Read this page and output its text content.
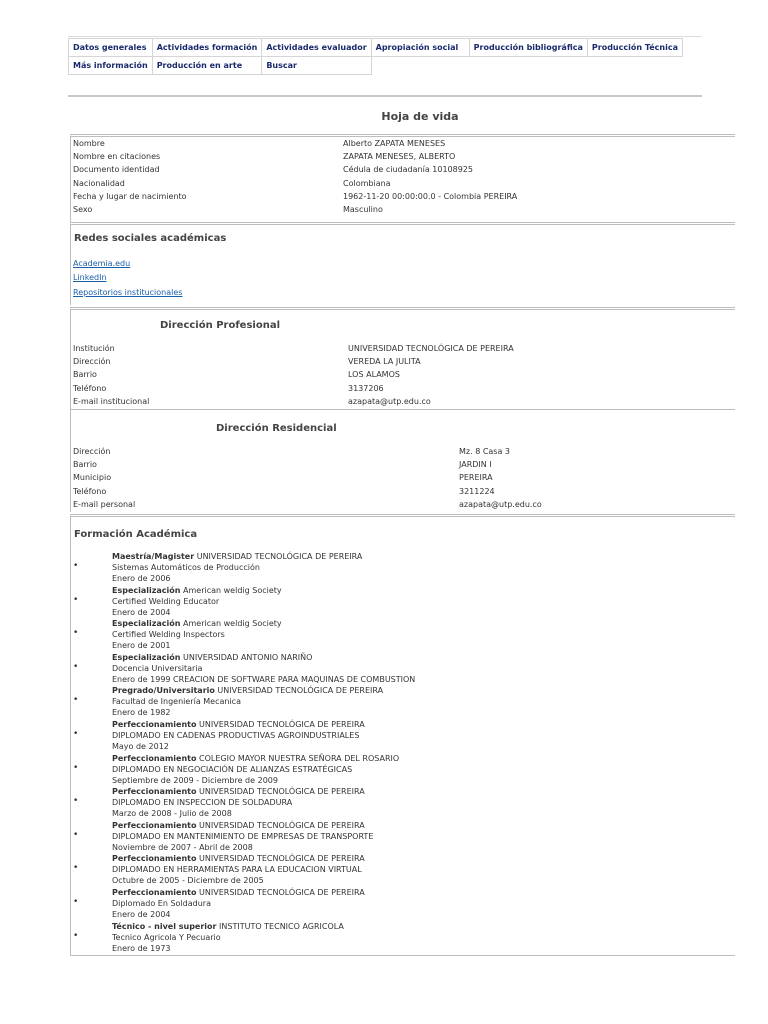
Datos generales	Actividades formación	Actividades evaluador	Apropiación social	Producción bibliográfica	Producción Técnica
Más información	Producción en arte	Buscar			
Hoja de vida
Nombre	Alberto ZAPATA MENESES
Nombre en citaciones	ZAPATA MENESES, ALBERTO
Documento identidad	Cédula de ciudadanía 10108925
Nacionalidad	Colombiana
Fecha y lugar de nacimiento	1962-11-20 00:00:00.0 - Colombia PEREIRA
Sexo	Masculino
Redes sociales académicas
Academia.edu
LinkedIn
Repositorios institucionales
Dirección Profesional
Institución	UNIVERSIDAD TECNOLÓGICA DE PEREIRA
Dirección	VEREDA LA JULITA
Barrio	LOS ALAMOS
Teléfono	3137206
E-mail institucional	azapata@utp.edu.co
Dirección Residencial
Dirección	Mz. 8 Casa 3
Barrio	JARDIN I
Municipio	PEREIRA
Teléfono	3211224
E-mail personal	azapata@utp.edu.co
Formación Académica
Maestría/Magister UNIVERSIDAD TECNOLÓGICA DE PEREIRA
Sistemas Automáticos de Producción
Enero de 2006
•
Especialización American weldig Society
Certified Welding Educator
Enero de 2004
•
Especialización American weldig Society
Certified Welding Inspectors
Enero de 2001
•
Especialización UNIVERSIDAD ANTONIO NARIÑO
Docencia Universitaria
Enero de 1999 CREACION DE SOFTWARE PARA MAQUINAS DE COMBUSTION
•
Pregrado/Universitario UNIVERSIDAD TECNOLÓGICA DE PEREIRA
Facultad de Ingeniería Mecanica
Enero de 1982
•
Perfeccionamiento UNIVERSIDAD TECNOLÓGICA DE PEREIRA
DIPLOMADO EN CADENAS PRODUCTIVAS AGROINDUSTRIALES
Mayo de 2012
•
Perfeccionamiento COLEGIO MAYOR NUESTRA SEÑORA DEL ROSARIO
DIPLOMADO EN NEGOCIACIÓN DE ALIANZAS ESTRATÉGICAS
Septiembre de 2009 - Diciembre de 2009
•
Perfeccionamiento UNIVERSIDAD TECNOLÓGICA DE PEREIRA
DIPLOMADO EN INSPECCION DE SOLDADURA
Marzo de 2008 - Julio de 2008
•
Perfeccionamiento UNIVERSIDAD TECNOLÓGICA DE PEREIRA
DIPLOMADO EN MANTENIMIENTO DE EMPRESAS DE TRANSPORTE
Noviembre de 2007 - Abril de 2008
•
Perfeccionamiento UNIVERSIDAD TECNOLÓGICA DE PEREIRA
DIPLOMADO EN HERRAMIENTAS PARA LA EDUCACION VIRTUAL
Octubre de 2005 - Diciembre de 2005
•
Perfeccionamiento UNIVERSIDAD TECNOLÓGICA DE PEREIRA
Diplomado En Soldadura
Enero de 2004
•
Técnico - nivel superior INSTITUTO TECNICO AGRICOLA
Tecnico Agricola Y Pecuario
Enero de 1973
•
